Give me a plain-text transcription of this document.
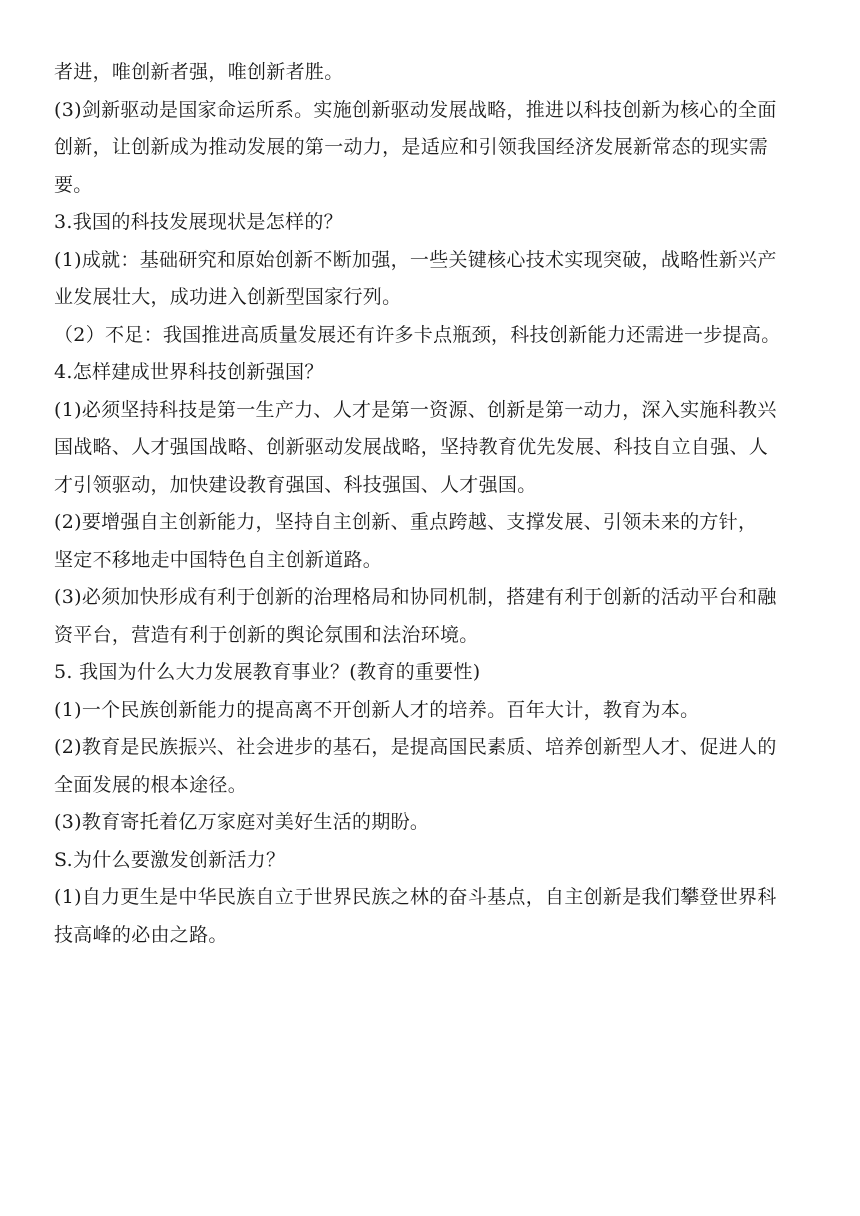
者进，唯创新者强，唯创新者胜。
(3)剑新驱动是国家命运所系。实施创新驱动发展战略，推进以科技创新为核心的全面
创新，让创新成为推动发展的第一动力，是适应和引领我国经济发展新常态的现实需
要。
3.我国的科技发展现状是怎样的？
(1)成就：基础研究和原始创新不断加强，一些关键核心技术实现突破，战略性新兴产
业发展壮大，成功进入创新型国家行列。
（2）不足：我国推进高质量发展还有许多卡点瓶颈，科技创新能力还需进一步提高。
4.怎样建成世界科技创新强国？
(1)必须坚持科技是第一生产力、人才是第一资源、创新是第一动力，深入实施科教兴
国战略、人才强国战略、创新驱动发展战略，坚持教育优先发展、科技自立自强、人
才引领驱动，加快建设教育强国、科技强国、人才强国。
(2)要增强自主创新能力，坚持自主创新、重点跨越、支撑发展、引领未来的方针，
坚定不移地走中国特色自主创新道路。
(3)必须加快形成有利于创新的治理格局和协同机制，搭建有利于创新的活动平台和融
资平台，营造有利于创新的舆论氛围和法治环境。
5. 我国为什么大力发展教育事业？(教育的重要性)
(1)一个民族创新能力的提高离不开创新人才的培养。百年大计，教育为本。
(2)教育是民族振兴、社会进步的基石，是提高国民素质、培养创新型人才、促进人的
全面发展的根本途径。
(3)教育寄托着亿万家庭对美好生活的期盼。
S.为什么要激发创新活力？
(1)自力更生是中华民族自立于世界民族之林的奋斗基点，自主创新是我们攀登世界科
技高峰的必由之路。
